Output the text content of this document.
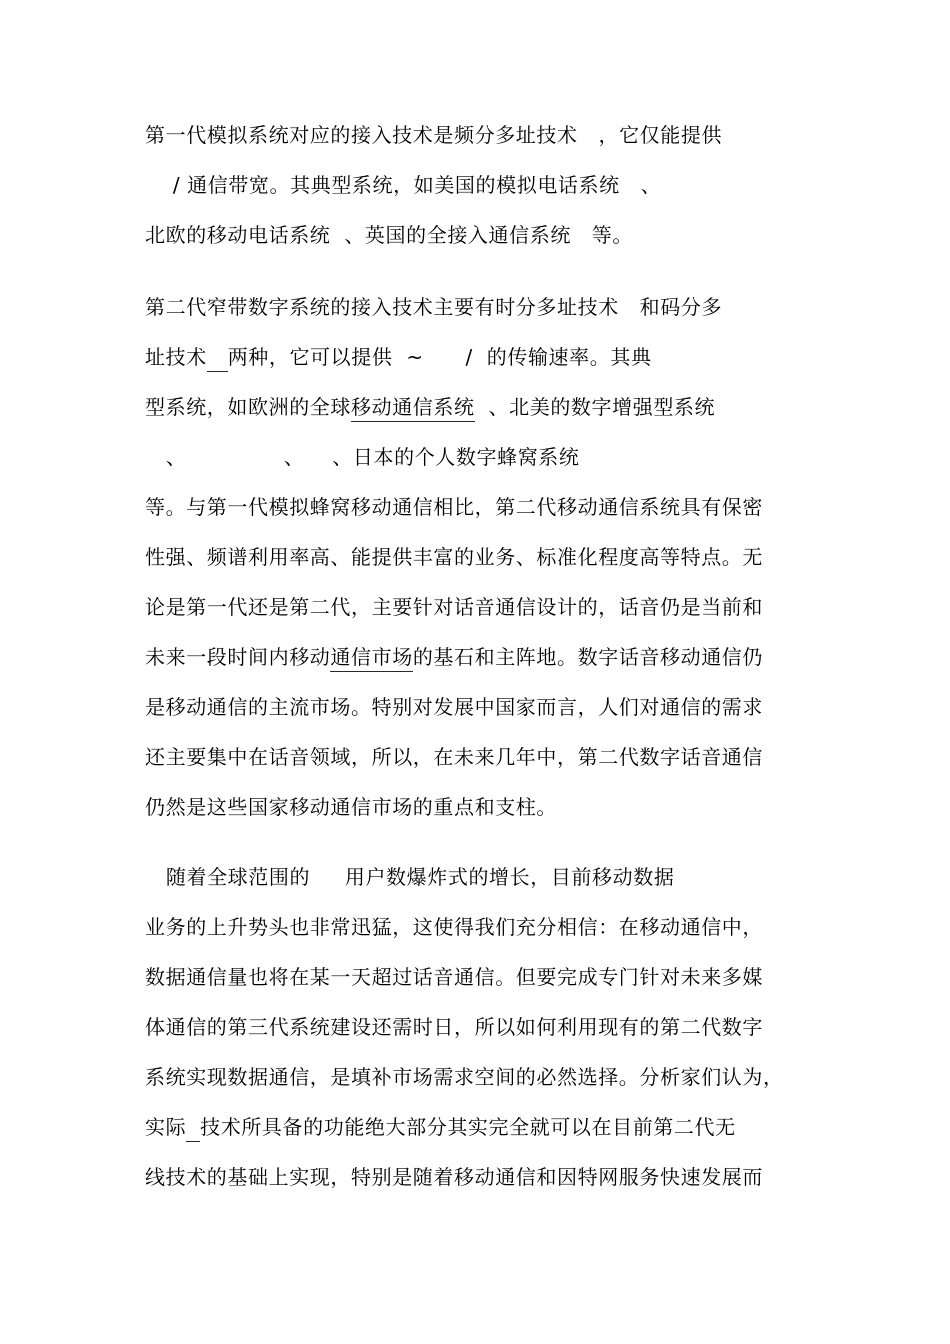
第一代模拟系统对应的接入技术是频分多址技术   ，它仅能提供
/ 通信带宽。其典型系统，如美国的模拟电话系统   、
北欧的移动电话系统  、英国的全接入通信系统   等。
第二代窄带数字系统的接入技术主要有时分多址技术   和码分多
址技术 两种，它可以提供  ~      /  的传输速率。其典
型系统，如欧洲的全球移动通信系统  、北美的数字增强型系统
、              、    、日本的个人数字蜂窝系统
等。与第一代模拟蜂窝移动通信相比，第二代移动通信系统具有保密
性强、频谱利用率高、能提供丰富的业务、标准化程度高等特点。无
论是第一代还是第二代，主要针对话音通信设计的，话音仍是当前和
未来一段时间内移动通信市场的基石和主阵地。数字话音移动通信仍
是移动通信的主流市场。特别对发展中国家而言，人们对通信的需求
还主要集中在话音领域，所以，在未来几年中，第二代数字话音通信
仍然是这些国家移动通信市场的重点和支柱。
随着全球范围的     用户数爆炸式的增长，目前移动数据
业务的上升势头也非常迅猛，这使得我们充分相信：在移动通信中，
数据通信量也将在某一天超过话音通信。但要完成专门针对未来多媒
体通信的第三代系统建设还需时日，所以如何利用现有的第二代数字
系统实现数据通信，是填补市场需求空间的必然选择。分析家们认为，
实际 技术所具备的功能绝大部分其实完全就可以在目前第二代无
线技术的基础上实现，特别是随着移动通信和因特网服务快速发展而
